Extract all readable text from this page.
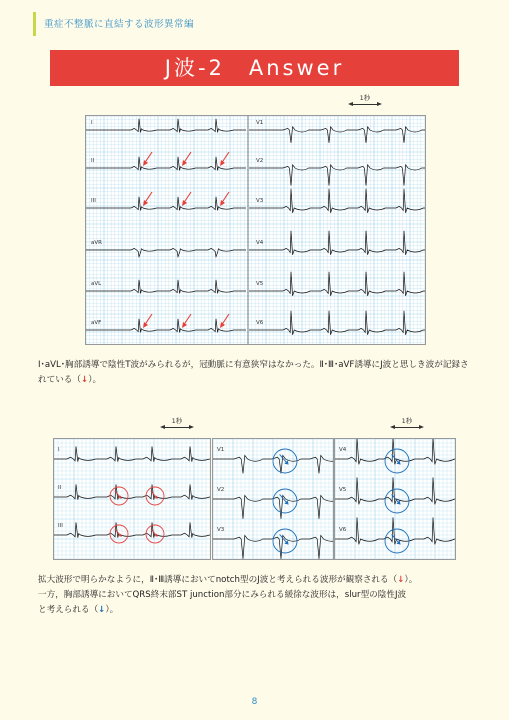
重症不整脈に直結する波形異常編
J波-2　Answer
1秒
I
II
III
aVR
aVL
aVF
V1
V2
V3
V4
V5
V6
Ⅰ･aVL･胸部誘導で陰性T波がみられるが，冠動脈に有意狭窄はなかった。Ⅱ･Ⅲ･aVF誘導にJ波と思しき波が記録されている（↓）。
1秒	1秒
I
II
III
V1
V2
V3
V4
V5
V6
拡大波形で明らかなように，Ⅱ･Ⅲ誘導においてnotch型のJ波と考えられる波形が観察される（↓）。
一方，胸部誘導においてQRS終末部ST junction部分にみられる緩徐な波形は，slur型の陰性J波
と考えられる（↓）。
8
